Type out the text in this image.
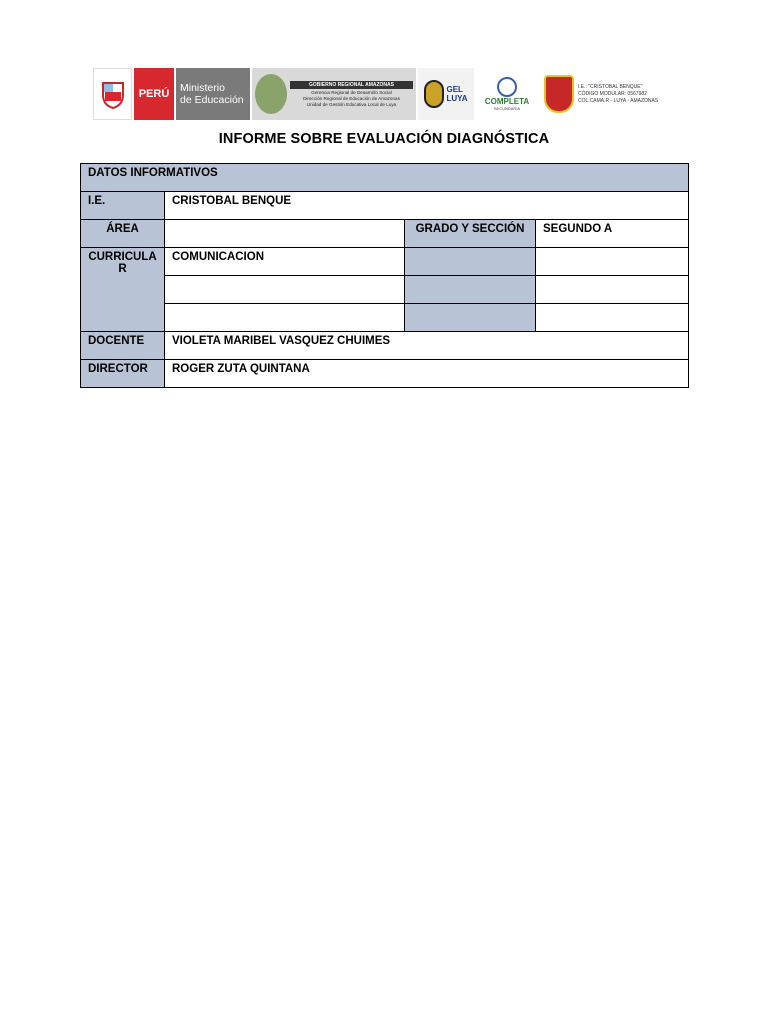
PERÚ	Ministerio
de Educación
GOBIERNO REGIONAL AMAZONAS
Gerencia Regional de Desarrollo Social
Dirección Regional de Educación de Amazonas
Unidad de Gestión Educativa Local de Luya
GEL
LUYA COMPLETA
SECUNDARIA
I.E.: "CRISTOBAL BENQUE"
CÓDIGO MODULAR: 0567982
COL.CAMA.R - LUYA - AMAZONAS
INFORME SOBRE EVALUACIÓN DIAGNÓSTICA
DATOS INFORMATIVOS			
I.E.	CRISTOBAL BENQUE		
ÁREA		GRADO Y SECCIÓN	SEGUNDO A
CURRICULA R	COMUNICACION		

DOCENTE	VIOLETA MARIBEL VASQUEZ CHUIMES		
DIRECTOR	ROGER ZUTA QUINTANA		
